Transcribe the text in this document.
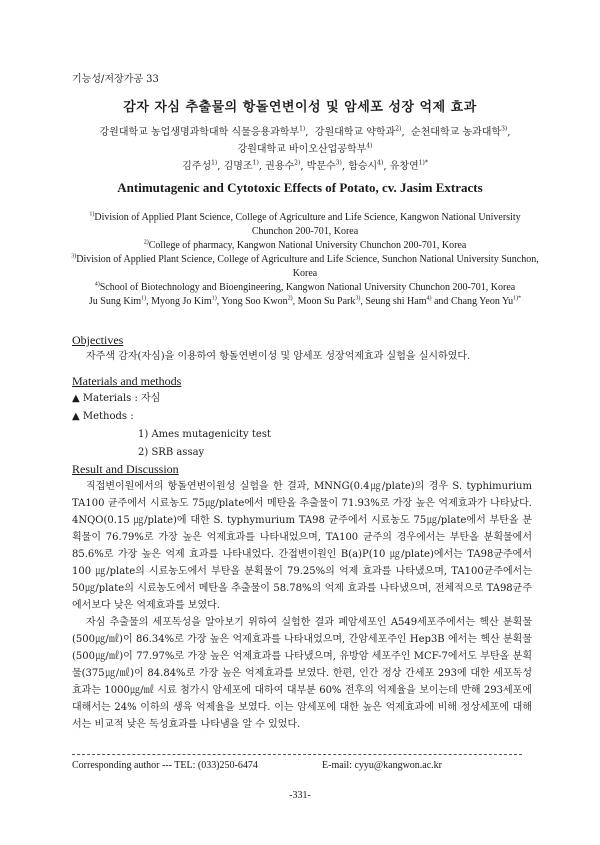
기능성/저장가공 33
감자 자심 추출물의 항돌연변이성 및 암세포 성장 억제 효과
강원대학교 농업생명과학대학 식물응용과학부$^{1)}$,  강원대학교 약학과$^{2)}$,  순천대학교 농과대학$^{3)}$,
강원대학교 바이오산업공학부$^{4)}$
김주성$^{1)}$, 김명조$^{1)}$, 권용수$^{2)}$, 박문수$^{3)}$, 함승시$^{4)}$, 유창연$^{1)*}$
Antimutagenic and Cytotoxic Effects of Potato, cv. Jasim Extracts

$^{1)}$Division of Applied Plant Science, College of Agriculture and Life Science, Kangwon National University Chunchon 200-701, Korea

$^{2)}$College of pharmacy, Kangwon National University Chunchon 200-701, Korea

$^{3)}$Division of Applied Plant Science, College of Agriculture and Life Science, Sunchon National University Sunchon, Korea

$^{4)}$School of Biotechnology and Bioengineering, Kangwon National University Chunchon 200-701, Korea

Ju Sung Kim$^{1)}$, Myong Jo Kim$^{1)}$, Yong Soo Kwon$^{2)}$, Moon Su Park$^{3)}$, Seung shi Ham$^{4)}$ and Chang Yeon $Yu^{1)*}$

Objectives

자주색 감자(자심)을 이용하여 항돌연변이성 및 암세포 성장억제효과 실험을 실시하였다.

Materials and methods
▲ Materials : 자심
▲ Methods :
1) Ames mutagenicity test
2) SRB assay
Result and Discussion

직접변이원에서의 항돌연변이원성 실험을 한 결과, MNNG(0.4㎍/plate)의 경우 S. typhimurium TA100 균주에서 시료농도 75㎍/plate에서 메탄올 추출물이 71.93%로 가장 높은 억제효과가 나타났다. 4NQO(0.15 ㎍/plate)에 대한 S. typhymurium TA98 균주에서 시료농도 75㎍/plate에서 부탄올 분획물이 76.79%로 가장 높은 억제효과를 나타내었으며, TA100 균주의 경우에서는 부탄올 분획물에서 85.6%로 가장 높은 억제 효과를 나타내었다. 간접변이원인 B(a)P(10 ㎍/plate)에서는 TA98균주에서 100 ㎍/plate의 시료농도에서 부탄올 분획물이 79.25%의 억제 효과를 나타냈으며, TA100균주에서는 50㎍/plate의 시료농도에서 메탄올 추출물이 58.78%의 억제 효과를 나타냈으며, 전체적으로 TA98균주에서보다 낮은 억제효과를 보였다.

자심 추출물의 세포독성을 알아보기 위하여 실험한 결과 폐암세포인 A549세포주에서는 헥산 분획물(500㎍/㎖)이 86.34%로 가장 높은 억제효과를 나타내었으며, 간암세포주인 Hep3B 에서는 헥산 분획물(500㎍/㎖)이 77.97%로 가장 높은 억제효과를 나타냈으며, 유방암 세포주인 MCF-7에서도 부탄올 분획물(375㎍/㎖)이 84.84%로 가장 높은 억제효과를 보였다. 한편, 인간 정상 간세포 293에 대한 세포독성 효과는 1000㎍/㎖ 시료 첨가시 암세포에 대하여 대부분 60% 전후의 억제율을 보이는데 반해 293세포에 대해서는 24% 이하의 생육 억제율을 보였다. 이는 암세포에 대한 높은 억제효과에 비해 정상세포에 대해서는 비교적 낮은 독성효과를 나타냄을 알 수 있었다.

Corresponding author --- TEL: (033)250-6474	E-mail: cyyu@kangwon.ac.kr
-331-
